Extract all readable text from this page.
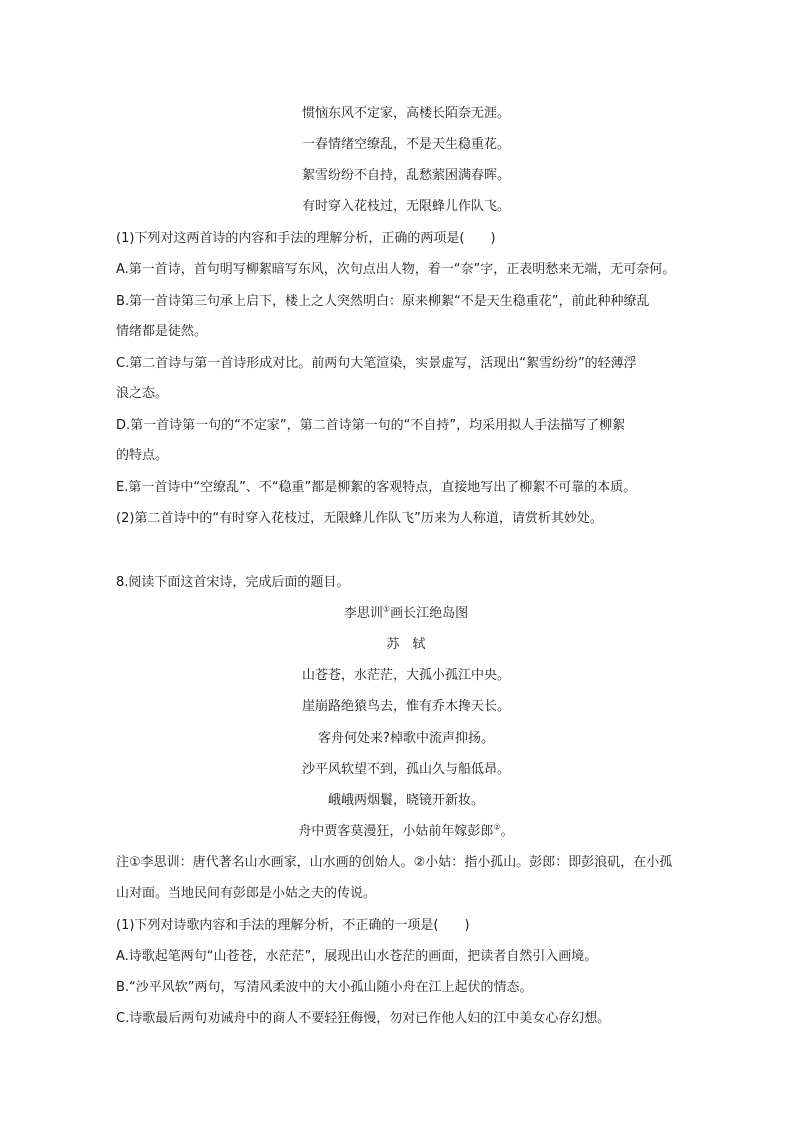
惯恼东风不定家，高楼长陌奈无涯。
一春情绪空缭乱，不是天生稳重花。
絮雪纷纷不自持，乱愁萦困满春晖。
有时穿入花枝过，无限蜂儿作队飞。
(1)下列对这两首诗的内容和手法的理解分析，正确的两项是(　　)
A.第一首诗，首句明写柳絮暗写东风，次句点出人物，着一“奈”字，正表明愁来无端，无可奈何。
B.第一首诗第三句承上启下，楼上之人突然明白：原来柳絮“不是天生稳重花”，前此种种缭乱
情绪都是徒然。
C.第二首诗与第一首诗形成对比。前两句大笔渲染，实景虚写，活现出“絮雪纷纷”的轻薄浮
浪之态。
D.第一首诗第一句的“不定家”，第二首诗第一句的“不自持”，均采用拟人手法描写了柳絮
的特点。
E.第一首诗中“空缭乱”、不“稳重”都是柳絮的客观特点，直接地写出了柳絮不可靠的本质。
(2)第二首诗中的“有时穿入花枝过，无限蜂儿作队飞”历来为人称道，请赏析其妙处。
8.阅读下面这首宋诗，完成后面的题目。
李思训①画长江绝岛图
苏　轼
山苍苍，水茫茫，大孤小孤江中央。
崖崩路绝猿鸟去，惟有乔木搀天长。
客舟何处来?棹歌中流声抑扬。
沙平风软望不到，孤山久与船低昂。
峨峨两烟鬟，晓镜开新妆。
舟中贾客莫漫狂，小姑前年嫁彭郎②。
注①李思训：唐代著名山水画家，山水画的创始人。②小姑：指小孤山。彭郎：即彭浪矶，在小孤
山对面。当地民间有彭郎是小姑之夫的传说。
(1)下列对诗歌内容和手法的理解分析，不正确的一项是(　　)
A.诗歌起笔两句“山苍苍，水茫茫”，展现出山水苍茫的画面，把读者自然引入画境。
B.“沙平风软”两句，写清风柔波中的大小孤山随小舟在江上起伏的情态。
C.诗歌最后两句劝诫舟中的商人不要轻狂侮慢，勿对已作他人妇的江中美女心存幻想。
